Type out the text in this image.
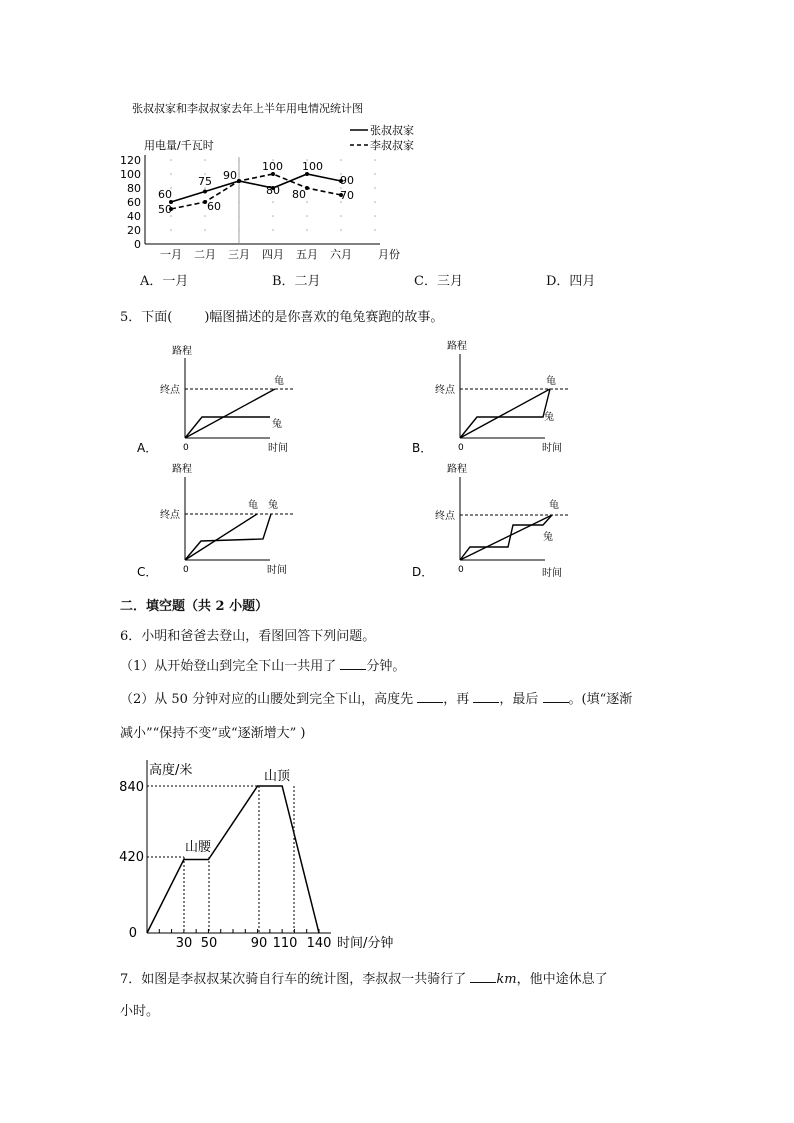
张叔叔家和李叔叔家去年上半年用电情况统计图
用电量/千瓦时
张叔叔家
李叔叔家
0
20
40
60
80
100
120
一月 二月 三月 四月 五月 六月 月份
60
75 90
80
100
90
50	60
100
80	70
A．一月	B．二月	C．三月	D．四月
5．下面( )幅图描述的是你喜欢的龟兔赛跑的故事。
路程
终点
龟
兔
0	时间
A．
路程
终点
龟
兔
0	时间
B．
路程
终点
龟 兔
0	时间
C．
路程
终点
龟
兔
0	时间
D．
二．填空题（共 2 小题）
6．小明和爸爸去登山，看图回答下列问题。
（1）从开始登山到完全下山一共用了 分钟。
（2）从 50 分钟对应的山腰处到完全下山，高度先 ，再 ，最后 。(填“逐渐
减小”“保持不变”或“逐渐增大” )
高度/米
山腰
山顶
0
420
840
30 50	90 110 140 时间/分钟
7．如图是李叔叔某次骑自行车的统计图，李叔叔一共骑行了 km，他中途休息了
小时。
